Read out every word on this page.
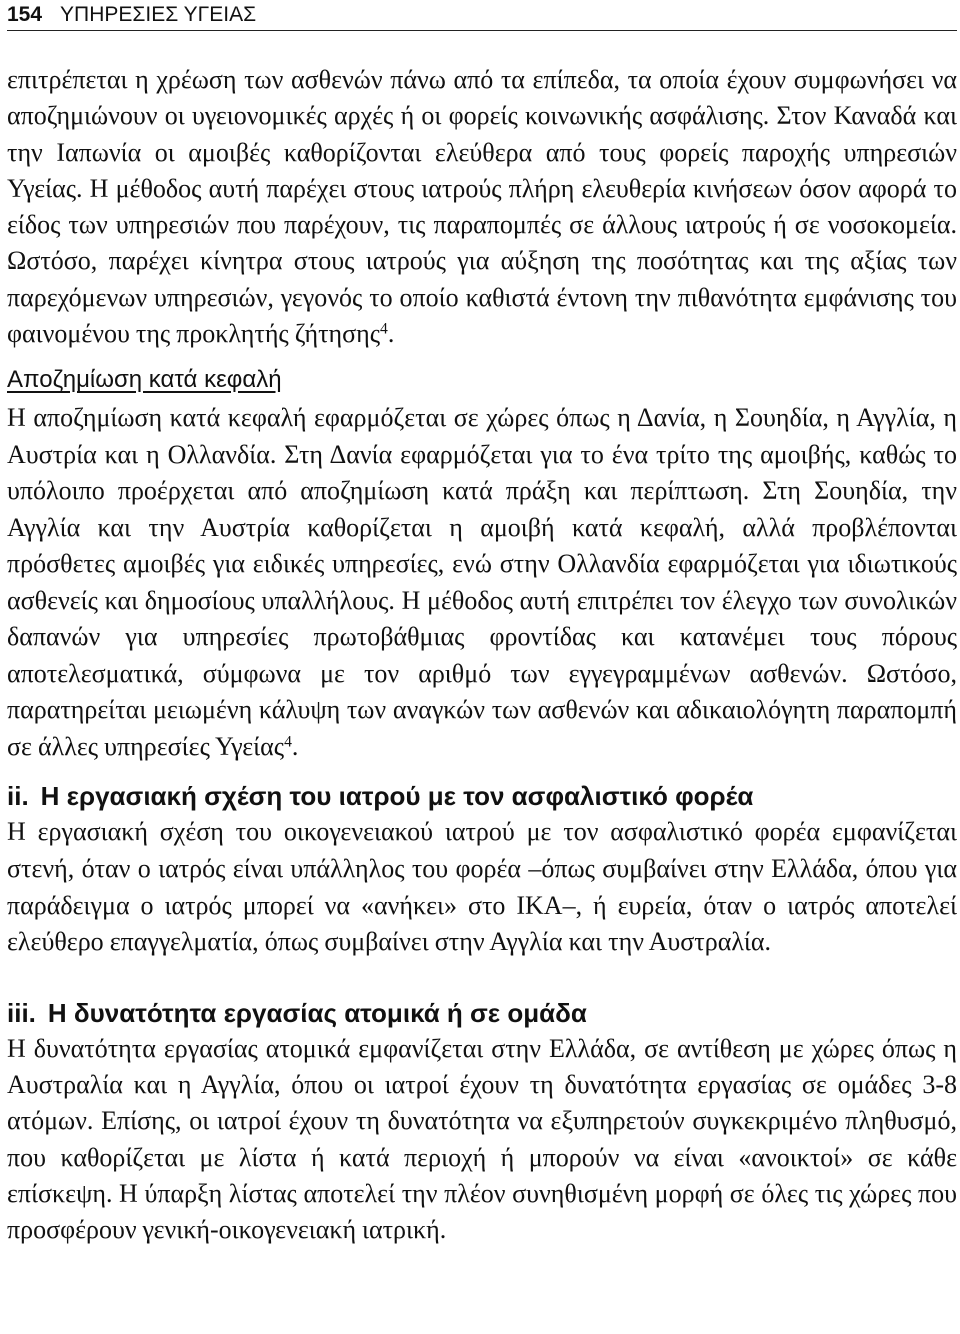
154 ΥΠΗΡΕΣΙΕΣ ΥΓΕΙΑΣ

επιτρέπεται η χρέωση των ασθενών πάνω από τα επίπεδα, τα οποία έχουν συμφωνήσει να αποζημιώνουν οι υγειονομικές αρχές ή οι φορείς κοινωνικής ασφάλισης. Στον Καναδά και την Ιαπωνία οι αμοιβές καθορίζονται ελεύθερα από τους φορείς παροχής υπηρεσιών Υγείας. Η μέθοδος αυτή παρέχει στους ιατρούς πλήρη ελευθερία κινήσεων όσον αφορά το είδος των υπηρεσιών που παρέχουν, τις παραπομπές σε άλλους ιατρούς ή σε νοσοκομεία. Ωστόσο, παρέχει κίνητρα στους ιατρούς για αύξηση της ποσότητας και της αξίας των παρεχόμενων υπηρεσιών, γεγονός το οποίο καθιστά έντονη την πιθανότητα εμφάνισης του φαινομένου της προκλητής ζήτησης$^4$.

Αποζημίωση κατά κεφαλή

Η αποζημίωση κατά κεφαλή εφαρμόζεται σε χώρες όπως η Δανία, η Σουηδία, η Αγγλία, η Αυστρία και η Ολλανδία. Στη Δανία εφαρμόζεται για το ένα τρίτο της αμοιβής, καθώς το υπόλοιπο προέρχεται από αποζημίωση κατά πράξη και περίπτωση. Στη Σουηδία, την Αγγλία και την Αυστρία καθορίζεται η αμοιβή κατά κεφαλή, αλλά προβλέπονται πρόσθετες αμοιβές για ειδικές υπηρεσίες, ενώ στην Ολλανδία εφαρμόζεται για ιδιωτικούς ασθενείς και δημοσίους υπαλλήλους. Η μέθοδος αυτή επιτρέπει τον έλεγχο των συνολικών δαπανών για υπηρεσίες πρωτοβάθμιας φροντίδας και κατανέμει τους πόρους αποτελεσματικά, σύμφωνα με τον αριθμό των εγγεγραμμένων ασθενών. Ωστόσο, παρατηρείται μειωμένη κάλυψη των αναγκών των ασθενών και αδικαιολόγητη παραπομπή σε άλλες υπηρεσίες Υγείας$^4$.

ii. Η εργασιακή σχέση του ιατρού με τον ασφαλιστικό φορέα

Η εργασιακή σχέση του οικογενειακού ιατρού με τον ασφαλιστικό φορέα εμφανίζεται στενή, όταν ο ιατρός είναι υπάλληλος του φορέα –όπως συμβαίνει στην Ελλάδα, όπου για παράδειγμα ο ιατρός μπορεί να «ανήκει» στο ΙΚΑ–, ή ευρεία, όταν ο ιατρός αποτελεί ελεύθερο επαγγελματία, όπως συμβαίνει στην Αγγλία και την Αυστραλία.

iii. Η δυνατότητα εργασίας ατομικά ή σε ομάδα

Η δυνατότητα εργασίας ατομικά εμφανίζεται στην Ελλάδα, σε αντίθεση με χώρες όπως η Αυστραλία και η Αγγλία, όπου οι ιατροί έχουν τη δυνατότητα εργασίας σε ομάδες 3-8 ατόμων. Επίσης, οι ιατροί έχουν τη δυνατότητα να εξυπηρετούν συγκεκριμένο πληθυσμό, που καθορίζεται με λίστα ή κατά περιοχή ή μπορούν να είναι «ανοικτοί» σε κάθε επίσκεψη. Η ύπαρξη λίστας αποτελεί την πλέον συνηθισμένη μορφή σε όλες τις χώρες που προσφέρουν γενική-οικογενειακή ιατρική.
